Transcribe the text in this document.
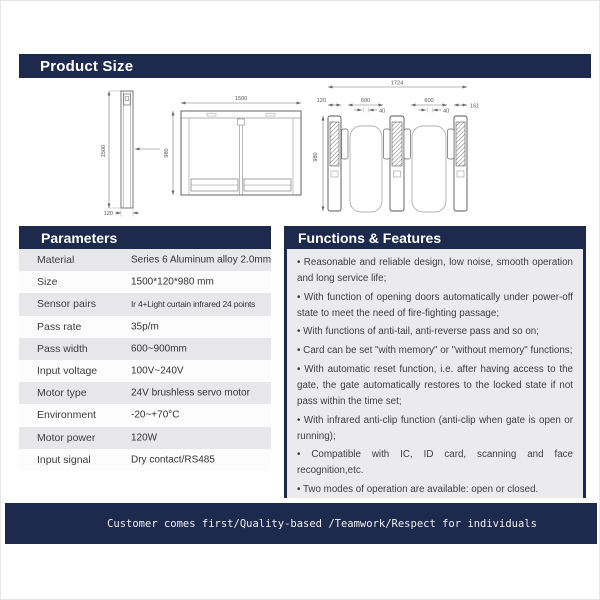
Product Size
1500
120
1500
980
1724
980
120	600	600
161
40	40
Parameters
Material	Series 6 Aluminum alloy 2.0mm
Size	1500*120*980 mm
Sensor pairs	Ir 4+Light curtain infrared 24 points
Pass rate	35p/m
Pass width	600~900mm
Input voltage	100V~240V
Motor type	24V brushless servo motor
Environment	-20~+70°C
Motor power	120W
Input signal	Dry contact/RS485
Functions & Features

• Reasonable and reliable design, low noise, smooth operation and long service life;

• With function of opening doors automatically under power-off state to meet the need of fire-fighting passage;

• With functions of anti-tail, anti-reverse pass and so on;

• Card can be set "with memory" or "without memory" functions;

• With automatic reset function, i.e. after having access to the gate, the gate automatically restores to the locked state if not pass within the time set;

• With infrared anti-clip function (anti-clip when gate is open or running);

• Compatible with IC, ID card, scanning and face recognition,etc.

• Two modes of operation are available: open or closed.

Customer comes first/Quality-based /Teamwork/Respect for individuals
